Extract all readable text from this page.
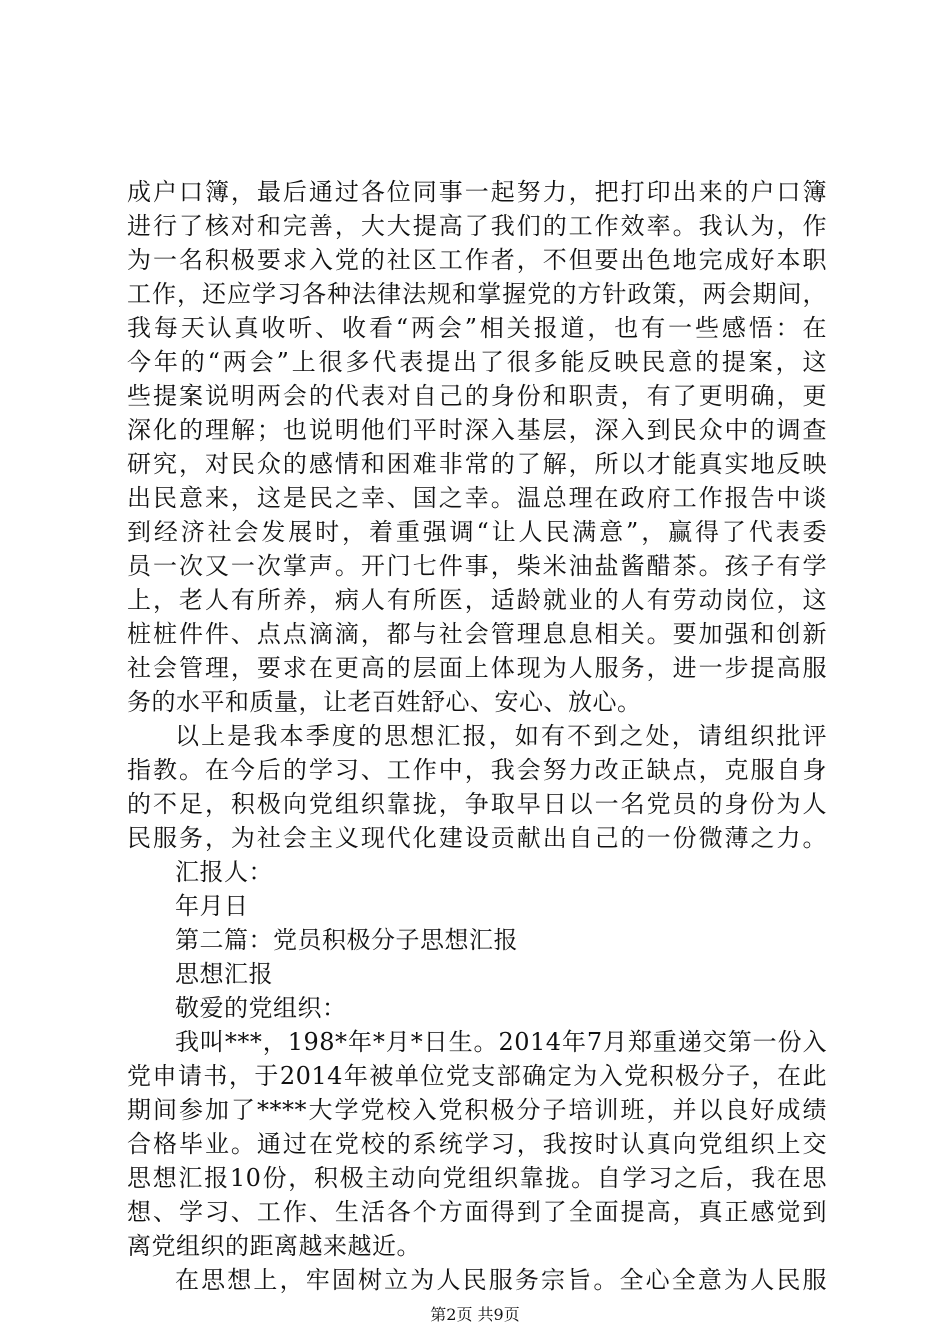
成户口簿，最后通过各位同事一起努力，把打印出来的户口簿
进行了核对和完善，大大提高了我们的工作效率。我认为，作
为一名积极要求入党的社区工作者，不但要出色地完成好本职
工作，还应学习各种法律法规和掌握党的方针政策，两会期间，
我每天认真收听、收看“两会”相关报道，也有一些感悟：在
今年的“两会”上很多代表提出了很多能反映民意的提案，这
些提案说明两会的代表对自己的身份和职责，有了更明确，更
深化的理解；也说明他们平时深入基层，深入到民众中的调查
研究，对民众的感情和困难非常的了解，所以才能真实地反映
出民意来，这是民之幸、国之幸。温总理在政府工作报告中谈
到经济社会发展时，着重强调“让人民满意”，赢得了代表委
员一次又一次掌声。开门七件事，柴米油盐酱醋茶。孩子有学
上，老人有所养，病人有所医，适龄就业的人有劳动岗位，这
桩桩件件、点点滴滴，都与社会管理息息相关。要加强和创新
社会管理，要求在更高的层面上体现为人服务，进一步提高服
务的水平和质量，让老百姓舒心、安心、放心。
以上是我本季度的思想汇报，如有不到之处，请组织批评
指教。在今后的学习、工作中，我会努力改正缺点，克服自身
的不足，积极向党组织靠拢，争取早日以一名党员的身份为人
民服务，为社会主义现代化建设贡献出自己的一份微薄之力。
汇报人：
年月日
第二篇：党员积极分子思想汇报
思想汇报
敬爱的党组织：
我叫***，198*年*月*日生。2014年7月郑重递交第一份入
党申请书，于2014年被单位党支部确定为入党积极分子，在此
期间参加了****大学党校入党积极分子培训班，并以良好成绩
合格毕业。通过在党校的系统学习，我按时认真向党组织上交
思想汇报10份，积极主动向党组织靠拢。自学习之后，我在思
想、学习、工作、生活各个方面得到了全面提高，真正感觉到
离党组织的距离越来越近。
在思想上，牢固树立为人民服务宗旨。全心全意为人民服
第2页 共9页
